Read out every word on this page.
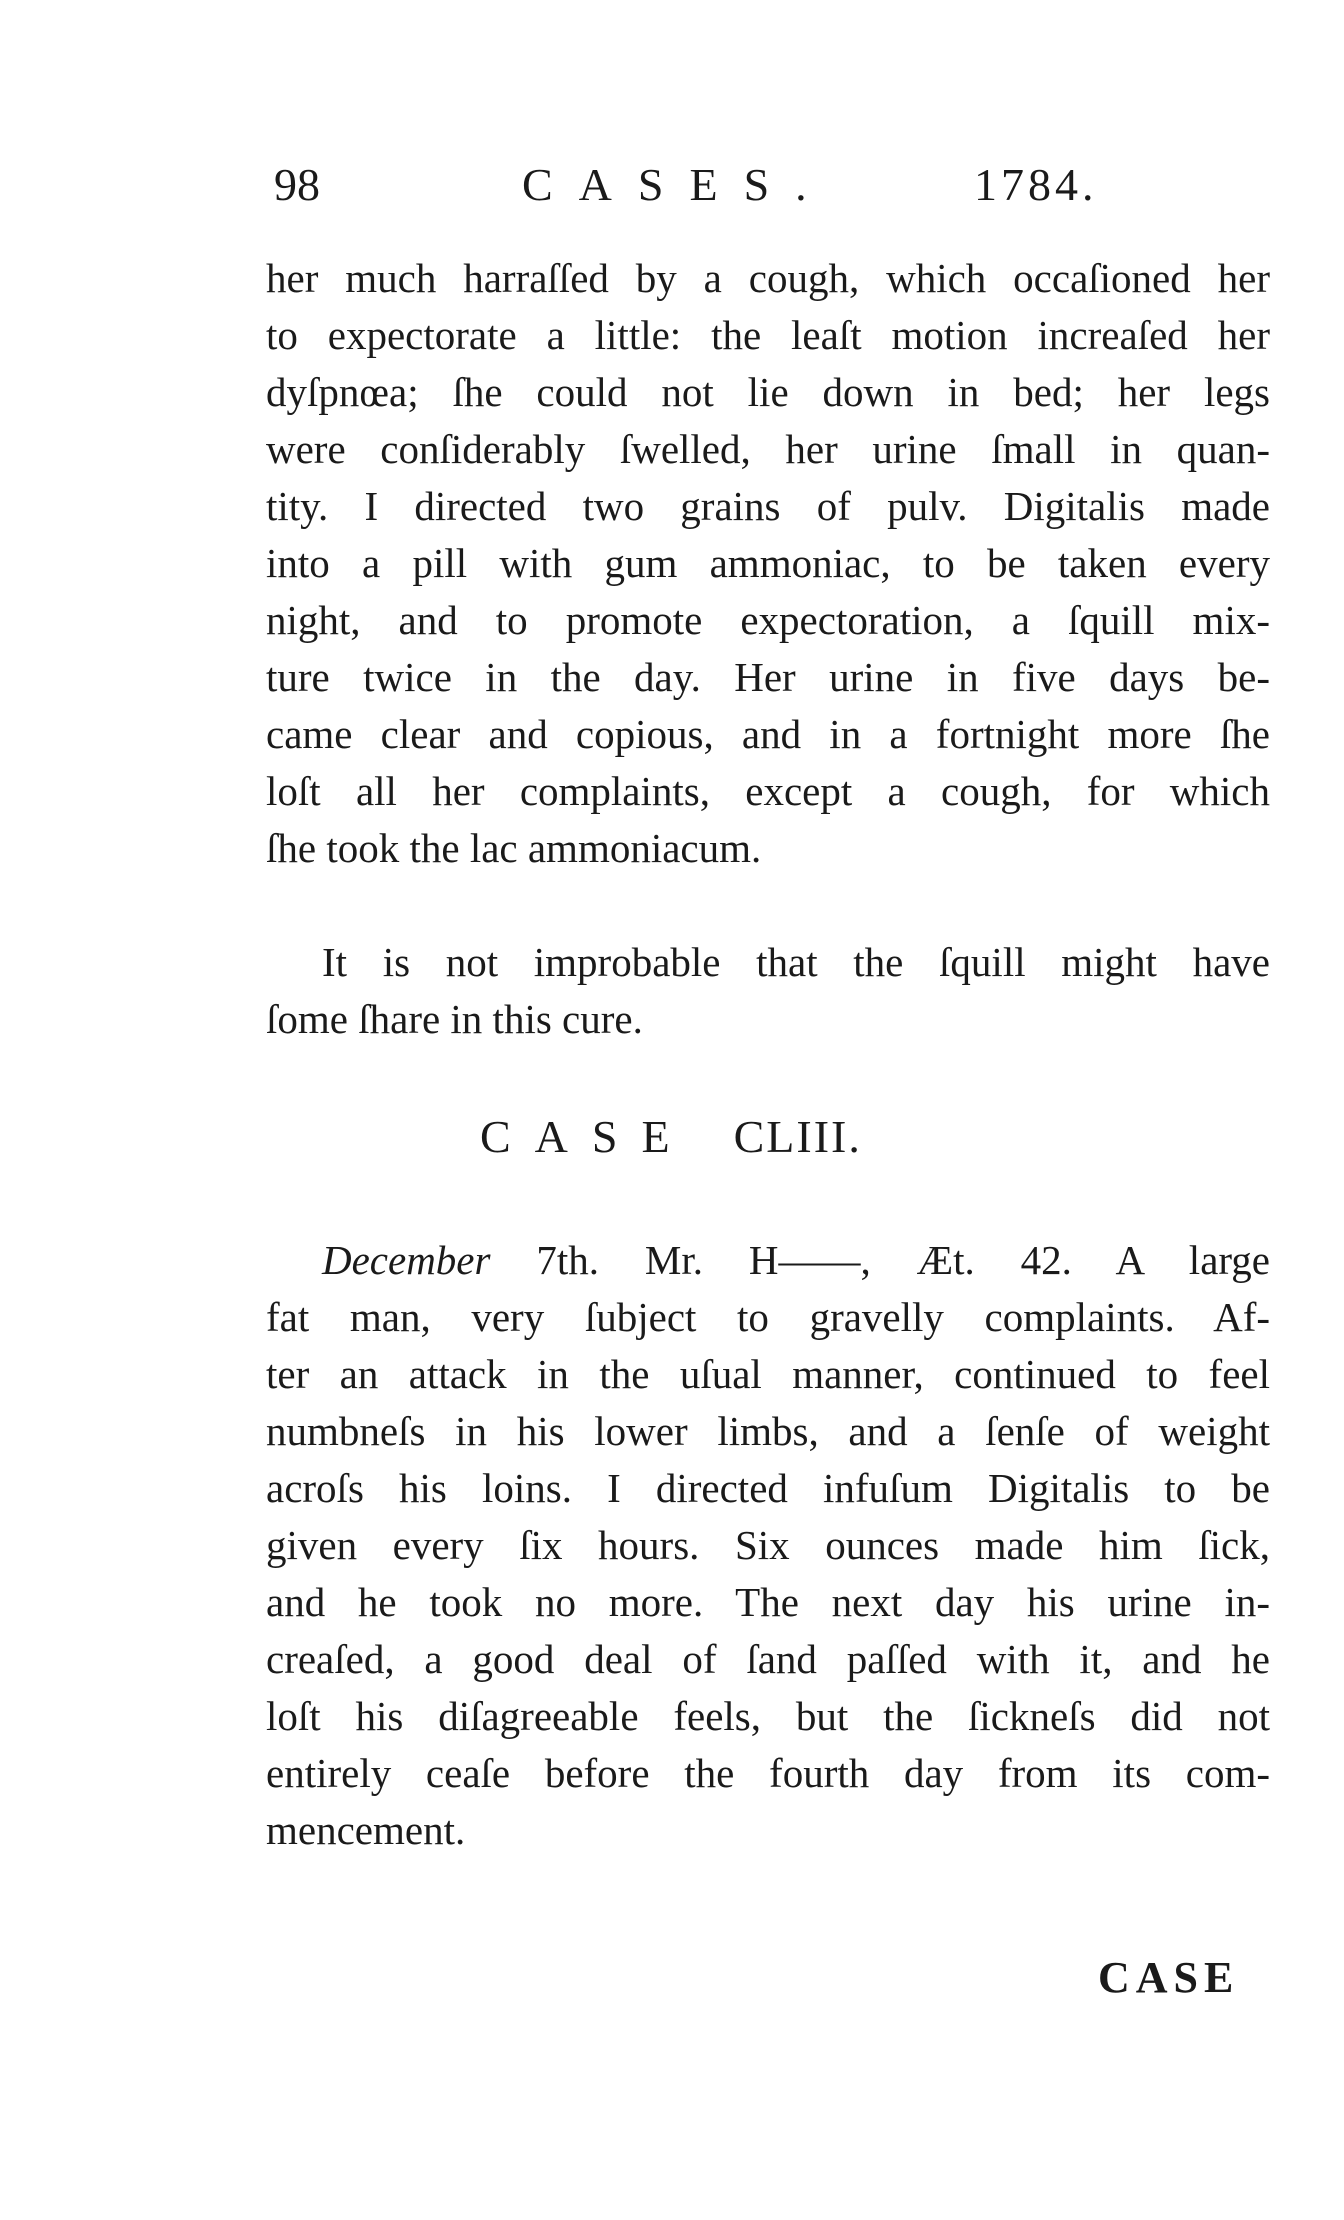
98	CASES.	1784.
her much harraſſed by a cough, which occaſioned her
to expectorate a little: the leaſt motion increaſed her
dyſpnœa; ſhe could not lie down in bed; her legs
were conſiderably ſwelled, her urine ſmall in quan-
tity. I directed two grains of pulv. Digitalis made
into a pill with gum ammoniac, to be taken every
night, and to promote expectoration, a ſquill mix-
ture twice in the day. Her urine in five days be-
came clear and copious, and in a fortnight more ſhe
loſt all her complaints, except a cough, for which
ſhe took the lac ammoniacum.
It is not improbable that the ſquill might have
ſome ſhare in this cure.
CASE CLIII.
December 7th. Mr. H——, Æt. 42. A large
fat man, very ſubject to gravelly complaints. Af-
ter an attack in the uſual manner, continued to feel
numbneſs in his lower limbs, and a ſenſe of weight
acroſs his loins. I directed infuſum Digitalis to be
given every ſix hours. Six ounces made him ſick,
and he took no more. The next day his urine in-
creaſed, a good deal of ſand paſſed with it, and he
loſt his diſagreeable feels, but the ſickneſs did not
entirely ceaſe before the fourth day from its com-
mencement.
CASE
